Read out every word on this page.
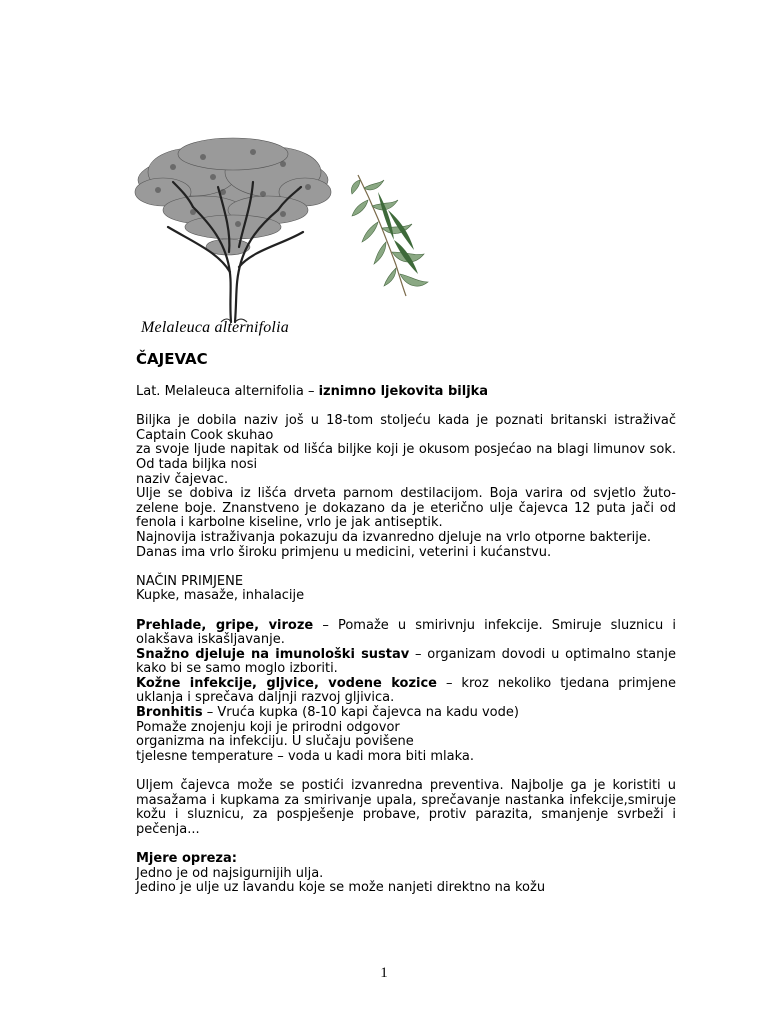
Melaleuca alternifolia

ČAJEVAC

Lat. Melaleuca alternifolia – iznimno ljekovita biljka

Biljka je dobila naziv još u 18-tom stoljeću kada je poznati britanski istraživač Captain Cook skuhao

za svoje ljude napitak od lišća biljke koji je okusom posjećao na blagi limunov sok. Od tada biljka nosi

naziv čajevac.

Ulje se dobiva iz lišća drveta parnom destilacijom. Boja varira od svjetlo žuto-zelene boje. Znanstveno je dokazano da je eterično ulje čajevca 12 puta jači od fenola i karbolne kiseline, vrlo je jak antiseptik.

Najnovija istraživanja pokazuju da izvanredno djeluje na vrlo otporne bakterije.

Danas ima vrlo široku primjenu u medicini, veterini i kućanstvu.

NAČIN PRIMJENE

Kupke, masaže, inhalacije

Prehlade, gripe, viroze – Pomaže u smirivnju infekcije. Smiruje sluznicu i olakšava iskašljavanje.

Snažno djeluje na imunološki sustav – organizam dovodi u optimalno stanje kako bi se samo moglo izboriti.

Kožne infekcije, gljvice, vodene kozice – kroz nekoliko tjedana primjene uklanja i sprečava daljnji razvoj gljivica.

Bronhitis – Vruća kupka (8-10 kapi čajevca na kadu vode)

Pomaže znojenju koji je prirodni odgovor

organizma na infekciju. U slučaju povišene

tjelesne temperature – voda u kadi mora biti mlaka.

Uljem čajevca može se postići izvanredna preventiva. Najbolje ga je koristiti u masažama i kupkama za smirivanje upala, sprečavanje nastanka infekcije,smiruje kožu i sluznicu, za pospješenje probave, protiv parazita, smanjenje svrbeži i pečenja...

Mjere opreza:

Jedno je od najsigurnijih ulja.

Jedino je ulje uz lavandu koje se može nanjeti direktno na kožu

1
